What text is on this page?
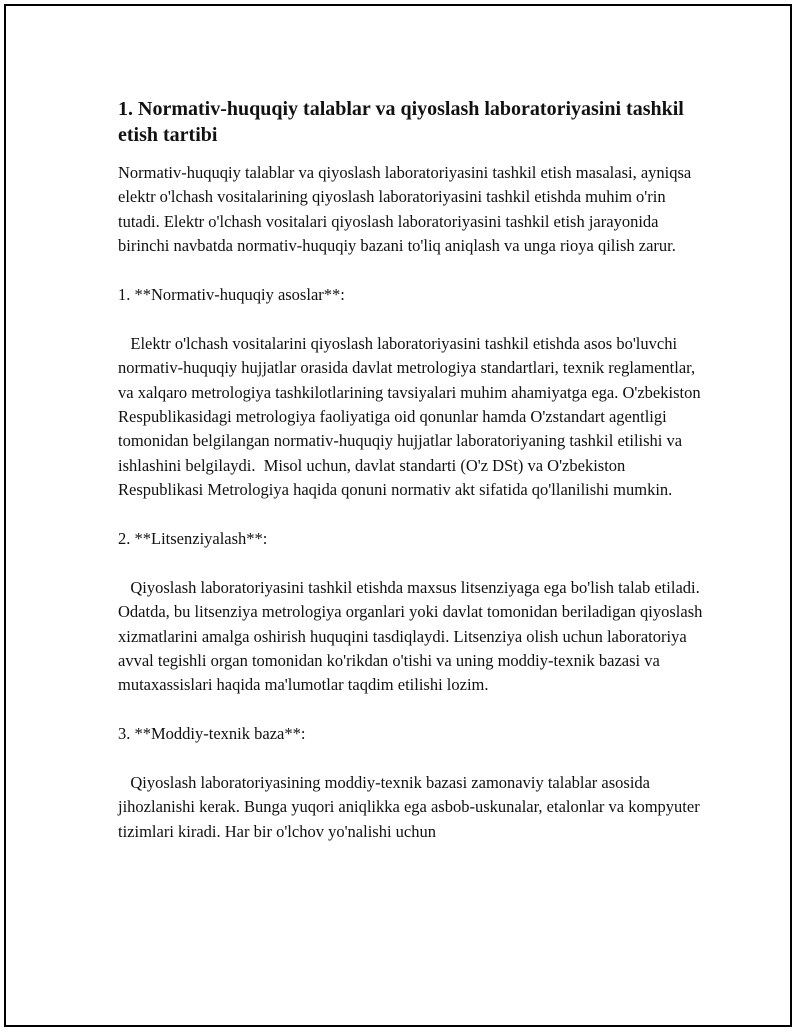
1. Normativ-huquqiy talablar va qiyoslash laboratoriyasini tashkil etish tartibi

Normativ-huquqiy talablar va qiyoslash laboratoriyasini tashkil etish masalasi, ayniqsa elektr o'lchash vositalarining qiyoslash laboratoriyasini tashkil etishda muhim o'rin tutadi. Elektr o'lchash vositalari qiyoslash laboratoriyasini tashkil etish jarayonida birinchi navbatda normativ-huquqiy bazani to'liq aniqlash va unga rioya qilish zarur.

1. **Normativ-huquqiy asoslar**:

Elektr o'lchash vositalarini qiyoslash laboratoriyasini tashkil etishda asos bo'luvchi normativ-huquqiy hujjatlar orasida davlat metrologiya standartlari, texnik reglamentlar, va xalqaro metrologiya tashkilotlarining tavsiyalari muhim ahamiyatga ega. O'zbekiston Respublikasidagi metrologiya faoliyatiga oid qonunlar hamda O'zstandart agentligi tomonidan belgilangan normativ-huquqiy hujjatlar laboratoriyaning tashkil etilishi va ishlashini belgilaydi.  Misol uchun, davlat standarti (O'z DSt) va O'zbekiston Respublikasi Metrologiya haqida qonuni normativ akt sifatida qo'llanilishi mumkin.

2. **Litsenziyalash**:

Qiyoslash laboratoriyasini tashkil etishda maxsus litsenziyaga ega bo'lish talab etiladi. Odatda, bu litsenziya metrologiya organlari yoki davlat tomonidan beriladigan qiyoslash xizmatlarini amalga oshirish huquqini tasdiqlaydi. Litsenziya olish uchun laboratoriya avval tegishli organ tomonidan ko'rikdan o'tishi va uning moddiy-texnik bazasi va mutaxassislari haqida ma'lumotlar taqdim etilishi lozim.

3. **Moddiy-texnik baza**:

Qiyoslash laboratoriyasining moddiy-texnik bazasi zamonaviy talablar asosida jihozlanishi kerak. Bunga yuqori aniqlikka ega asbob-uskunalar, etalonlar va kompyuter tizimlari kiradi. Har bir o'lchov yo'nalishi uchun
